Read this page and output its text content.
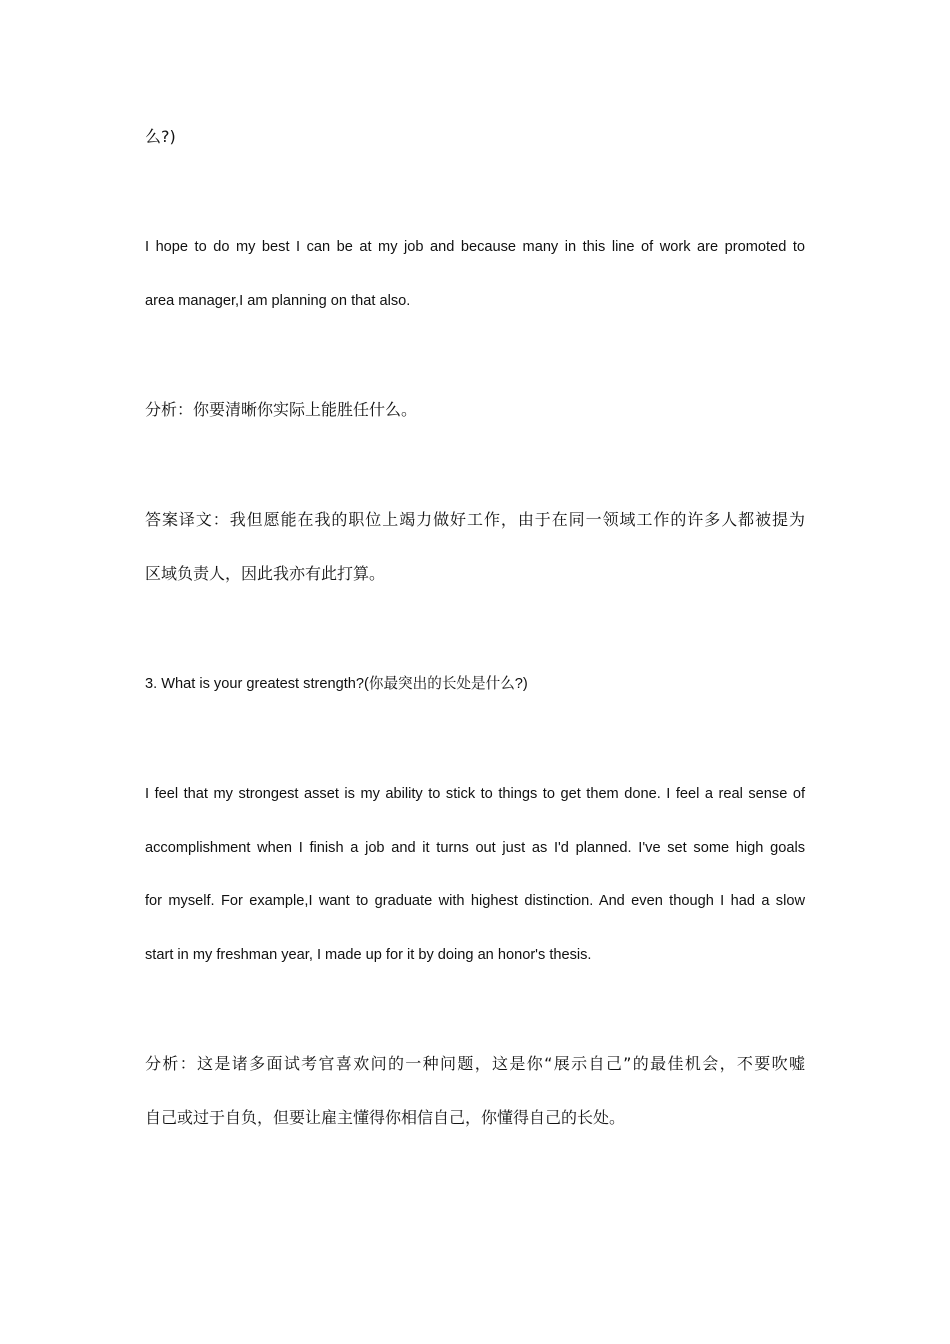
么?)

I hope to do my best I can be at my job and because many in this line of work are promoted to

area manager,I am planning on that also.

分析：你要清晰你实际上能胜任什么。

答案译文：我但愿能在我的职位上竭力做好工作，由于在同一领域工作的许多人都被提为

区域负责人，因此我亦有此打算。

3. What is your greatest strength?(你最突出的长处是什么?)

I feel that my strongest asset is my ability to stick to things to get them done. I feel a real sense of

accomplishment when I finish a job and it turns out just as I'd planned. I've set some high goals

for myself. For example,I want to graduate with highest distinction. And even though I had a slow

start in my freshman year, I made up for it by doing an honor's thesis.

分析：这是诸多面试考官喜欢问的一种问题，这是你“展示自己”的最佳机会，不要吹嘘

自己或过于自负，但要让雇主懂得你相信自己，你懂得自己的长处。
